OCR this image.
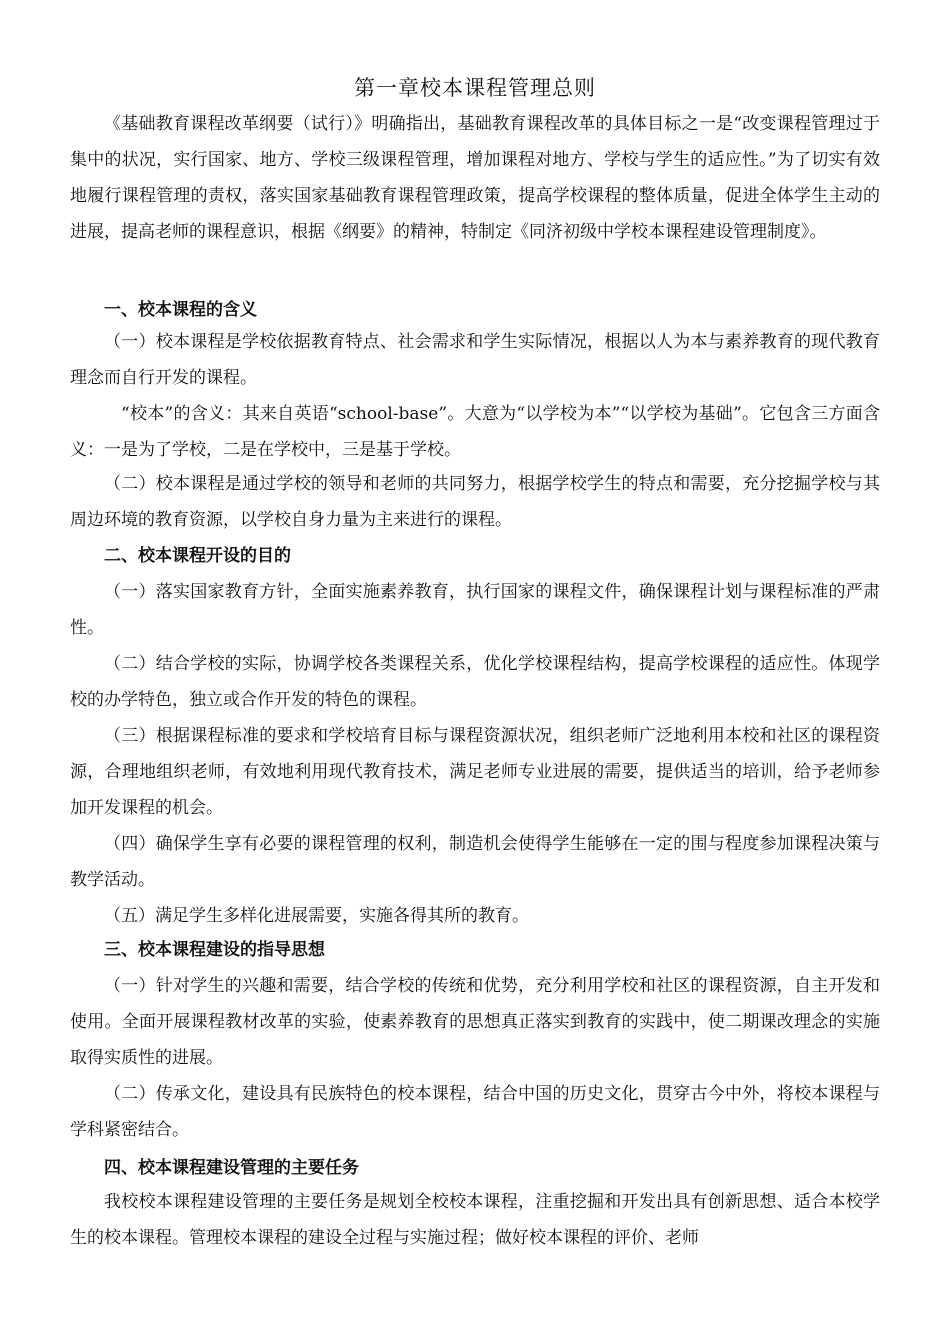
第一章校本课程管理总则

《基础教育课程改革纲要（试行）》明确指出，基础教育课程改革的具体目标之一是“改变课程管理过于集中的状况，实行国家、地方、学校三级课程管理，增加课程对地方、学校与学生的适应性。”为了切实有效地履行课程管理的责权，落实国家基础教育课程管理政策，提高学校课程的整体质量，促进全体学生主动的进展，提高老师的课程意识，根据《纲要》的精神，特制定《同济初级中学校本课程建设管理制度》。

一、校本课程的含义

（一）校本课程是学校依据教育特点、社会需求和学生实际情况，根据以人为本与素养教育的现代教育理念而自行开发的课程。

“校本”的含义：其来自英语“school-base”。大意为“以学校为本”“以学校为基础”。它包含三方面含义：一是为了学校，二是在学校中，三是基于学校。

（二）校本课程是通过学校的领导和老师的共同努力，根据学校学生的特点和需要，充分挖掘学校与其周边环境的教育资源，以学校自身力量为主来进行的课程。

二、校本课程开设的目的

（一）落实国家教育方针，全面实施素养教育，执行国家的课程文件，确保课程计划与课程标准的严肃性。

（二）结合学校的实际，协调学校各类课程关系，优化学校课程结构，提高学校课程的适应性。体现学校的办学特色，独立或合作开发的特色的课程。

（三）根据课程标准的要求和学校培育目标与课程资源状况，组织老师广泛地利用本校和社区的课程资源，合理地组织老师，有效地利用现代教育技术，满足老师专业进展的需要，提供适当的培训，给予老师参加开发课程的机会。

（四）确保学生享有必要的课程管理的权利，制造机会使得学生能够在一定的围与程度参加课程决策与教学活动。

（五）满足学生多样化进展需要，实施各得其所的教育。

三、校本课程建设的指导思想

（一）针对学生的兴趣和需要，结合学校的传统和优势，充分利用学校和社区的课程资源，自主开发和使用。全面开展课程教材改革的实验，使素养教育的思想真正落实到教育的实践中，使二期课改理念的实施取得实质性的进展。

（二）传承文化，建设具有民族特色的校本课程，结合中国的历史文化，贯穿古今中外，将校本课程与学科紧密结合。

四、校本课程建设管理的主要任务

我校校本课程建设管理的主要任务是规划全校校本课程，注重挖掘和开发出具有创新思想、适合本校学生的校本课程。管理校本课程的建设全过程与实施过程；做好校本课程的评价、老师
